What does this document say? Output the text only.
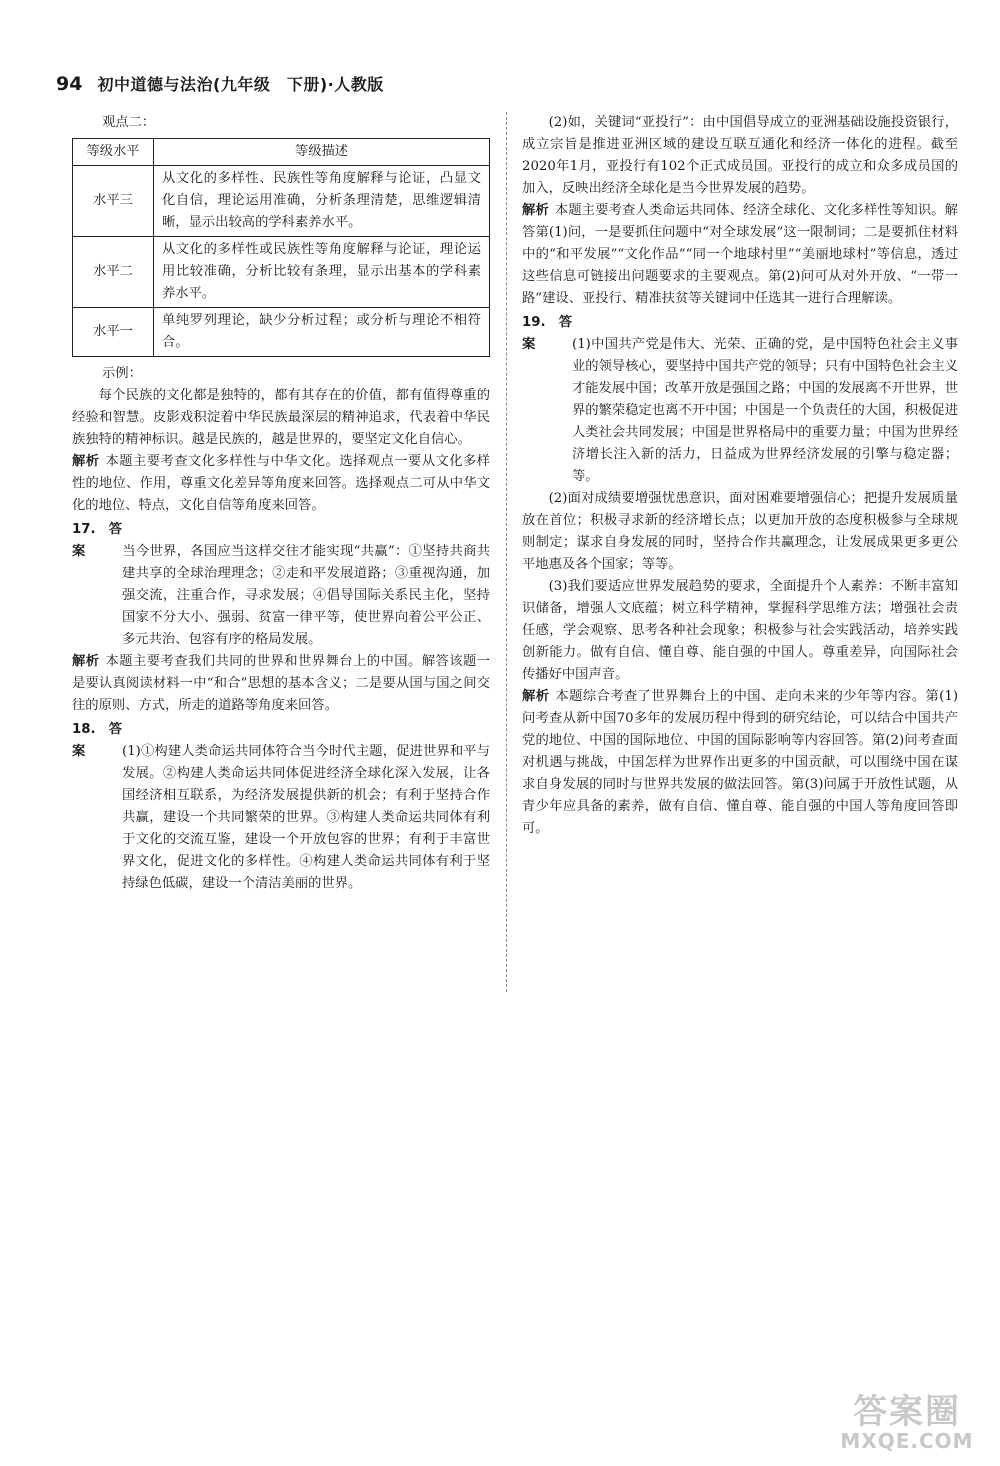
94 初中道德与法治(九年级　下册)·人教版

观点二：

等级水平	等级描述
水平三	从文化的多样性、民族性等角度解释与论证，凸显文化自信，理论运用准确，分析条理清楚，思维逻辑清晰，显示出较高的学科素养水平。
水平二	从文化的多样性或民族性等角度解释与论证，理论运用比较准确，分析比较有条理，显示出基本的学科素养水平。
水平一	单纯罗列理论，缺少分析过程；或分析与理论不相符合。

示例：

每个民族的文化都是独特的，都有其存在的价值，都有值得尊重的经验和智慧。皮影戏积淀着中华民族最深层的精神追求，代表着中华民族独特的精神标识。越是民族的，越是世界的，要坚定文化自信心。

解析 本题主要考查文化多样性与中华文化。选择观点一要从文化多样性的地位、作用，尊重文化差异等角度来回答。选择观点二可从中华文化的地位、特点，文化自信等角度来回答。

17.答案	当今世界，各国应当这样交往才能实现“共赢”：①坚持共商共建共享的全球治理理念；②走和平发展道路；③重视沟通，加强交流，注重合作，寻求发展；④倡导国际关系民主化，坚持国家不分大小、强弱、贫富一律平等，使世界向着公平公正、多元共治、包容有序的格局发展。

解析 本题主要考查我们共同的世界和世界舞台上的中国。解答该题一是要认真阅读材料一中“和合”思想的基本含义；二是要从国与国之间交往的原则、方式，所走的道路等角度来回答。

18.答案	(1)①构建人类命运共同体符合当今时代主题，促进世界和平与发展。②构建人类命运共同体促进经济全球化深入发展，让各国经济相互联系，为经济发展提供新的机会；有利于坚持合作共赢，建设一个共同繁荣的世界。③构建人类命运共同体有利于文化的交流互鉴，建设一个开放包容的世界；有利于丰富世界文化，促进文化的多样性。④构建人类命运共同体有利于坚持绿色低碳，建设一个清洁美丽的世界。

(2)如，关键词“亚投行”：由中国倡导成立的亚洲基础设施投资银行，成立宗旨是推进亚洲区域的建设互联互通化和经济一体化的进程。截至2020年1月，亚投行有102个正式成员国。亚投行的成立和众多成员国的加入，反映出经济全球化是当今世界发展的趋势。

解析 本题主要考查人类命运共同体、经济全球化、文化多样性等知识。解答第(1)问，一是要抓住问题中“对全球发展”这一限制词；二是要抓住材料中的“和平发展”“文化作品”“同一个地球村里”“美丽地球村”等信息，透过这些信息可链接出问题要求的主要观点。第(2)问可从对外开放、“一带一路”建设、亚投行、精准扶贫等关键词中任选其一进行合理解读。

19.答案	(1)中国共产党是伟大、光荣、正确的党，是中国特色社会主义事业的领导核心，要坚持中国共产党的领导；只有中国特色社会主义才能发展中国；改革开放是强国之路；中国的发展离不开世界，世界的繁荣稳定也离不开中国；中国是一个负责任的大国，积极促进人类社会共同发展；中国是世界格局中的重要力量；中国为世界经济增长注入新的活力，日益成为世界经济发展的引擎与稳定器；等。

(2)面对成绩要增强忧患意识，面对困难要增强信心；把提升发展质量放在首位；积极寻求新的经济增长点；以更加开放的态度积极参与全球规则制定；谋求自身发展的同时，坚持合作共赢理念，让发展成果更多更公平地惠及各个国家；等等。

(3)我们要适应世界发展趋势的要求，全面提升个人素养：不断丰富知识储备，增强人文底蕴；树立科学精神，掌握科学思维方法；增强社会责任感，学会观察、思考各种社会现象；积极参与社会实践活动，培养实践创新能力。做有自信、懂自尊、能自强的中国人。尊重差异，向国际社会传播好中国声音。

解析 本题综合考查了世界舞台上的中国、走向未来的少年等内容。第(1)问考查从新中国70多年的发展历程中得到的研究结论，可以结合中国共产党的地位、中国的国际地位、中国的国际影响等内容回答。第(2)问考查面对机遇与挑战，中国怎样为世界作出更多的中国贡献，可以围绕中国在谋求自身发展的同时与世界共发展的做法回答。第(3)问属于开放性试题，从青少年应具备的素养，做有自信、懂自尊、能自强的中国人等角度回答即可。

答案圈
MXQE.COM
